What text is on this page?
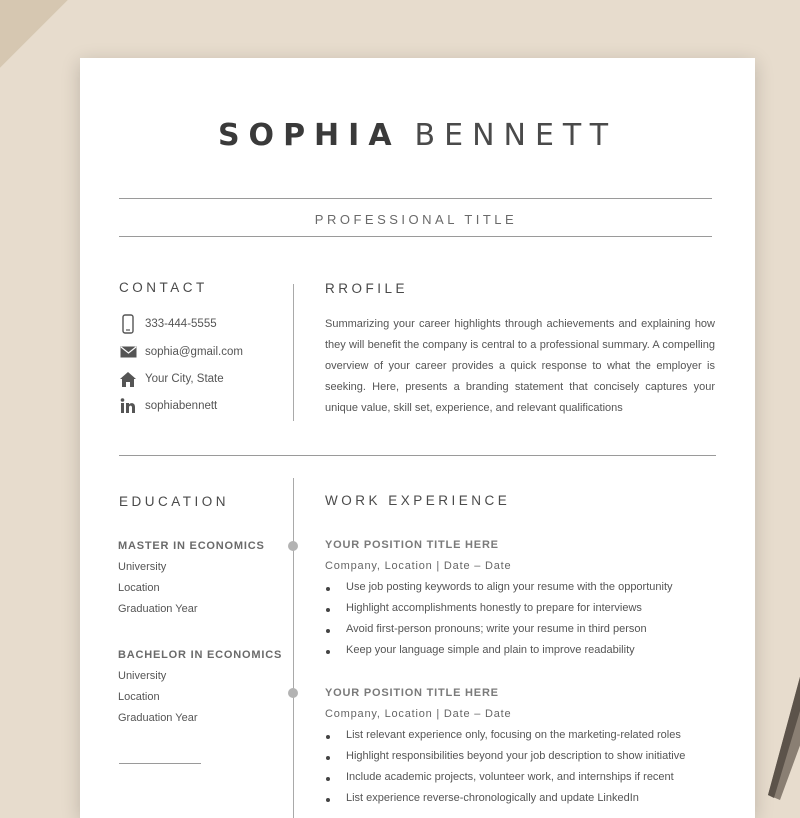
SOPHIA BENNETT
PROFESSIONAL TITLE
CONTACT
333-444-5555
sophia@gmail.com
Your City, State
sophiabennett
RROFILE
Summarizing your career highlights through achievements and explaining how they will benefit the company is central to a professional summary. A compelling overview of your career provides a quick response to what the employer is seeking. Here, presents a branding statement that concisely captures your unique value, skill set, experience, and relevant qualifications
EDUCATION
MASTER IN ECONOMICS
University
Location
Graduation Year
BACHELOR IN ECONOMICS
University
Location
Graduation Year
WORK EXPERIENCE
YOUR POSITION TITLE HERE
Company, Location | Date – Date
Use job posting keywords to align your resume with the opportunity
Highlight accomplishments honestly to prepare for interviews
Avoid first-person pronouns; write your resume in third person
Keep your language simple and plain to improve readability
YOUR POSITION TITLE HERE
Company, Location | Date – Date
List relevant experience only, focusing on the marketing-related roles
Highlight responsibilities beyond your job description to show initiative
Include academic projects, volunteer work, and internships if recent
List experience reverse-chronologically and update LinkedIn
